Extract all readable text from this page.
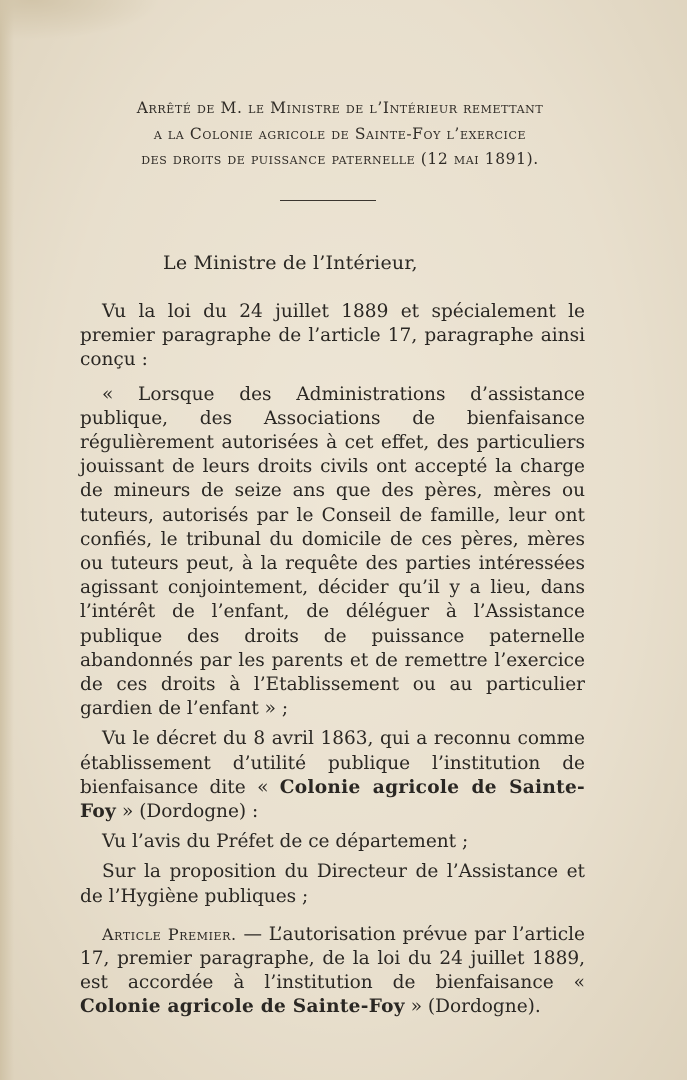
Arrêté de M. le Ministre de l’Intérieur remettant
a la Colonie agricole de Sainte-Foy l’exercice
des droits de puissance paternelle (12 mai 1891).
Le Ministre de l’Intérieur,

Vu la loi du 24 juillet 1889 et spécialement le premier paragraphe de l’article 17, paragraphe ainsi conçu :

« Lorsque des Administrations d’assistance publique, des Associations de bienfaisance régulièrement autorisées à cet effet, des particuliers jouissant de leurs droits civils ont accepté la charge de mineurs de seize ans que des pères, mères ou tuteurs, autorisés par le Conseil de famille, leur ont confiés, le tribunal du domicile de ces pères, mères ou tuteurs peut, à la requête des parties intéressées agissant conjointement, décider qu’il y a lieu, dans l’intérêt de l’enfant, de déléguer à l’Assistance publique des droits de puissance paternelle abandonnés par les parents et de remettre l’exercice de ces droits à l’Etablissement ou au particulier gardien de l’enfant » ;

Vu le décret du 8 avril 1863, qui a reconnu comme établissement d’utilité publique l’institution de bienfaisance dite « Colonie agricole de Sainte-Foy » (Dordogne) :

Vu l’avis du Préfet de ce département ;

Sur la proposition du Directeur de l’Assistance et de l’Hygiène publiques ;

Article Premier. — L’autorisation prévue par l’article 17, premier paragraphe, de la loi du 24 juillet 1889, est accordée à l’institution de bienfaisance « Colonie agricole de Sainte-Foy » (Dordogne).
